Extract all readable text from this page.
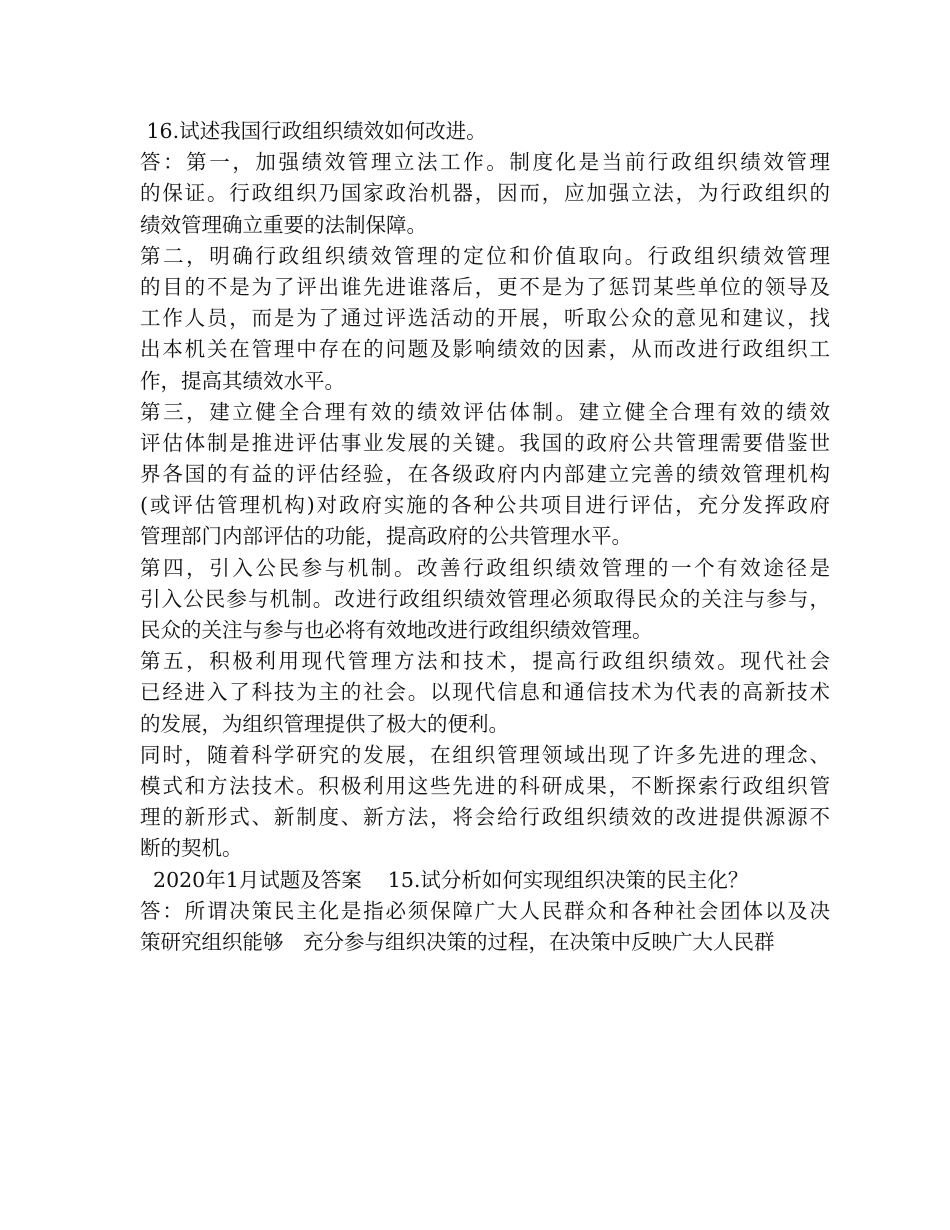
16.试述我国行政组织绩效如何改进。
答：第一，加强绩效管理立法工作。制度化是当前行政组织绩效管理
的保证。行政组织乃国家政治机器，因而，应加强立法，为行政组织的
绩效管理确立重要的法制保障。
第二，明确行政组织绩效管理的定位和价值取向。行政组织绩效管理
的目的不是为了评出谁先进谁落后，更不是为了惩罚某些单位的领导及
工作人员，而是为了通过评选活动的开展，听取公众的意见和建议，找
出本机关在管理中存在的问题及影响绩效的因素，从而改进行政组织工
作，提高其绩效水平。
第三，建立健全合理有效的绩效评估体制。建立健全合理有效的绩效
评估体制是推进评估事业发展的关键。我国的政府公共管理需要借鉴世
界各国的有益的评估经验，在各级政府内内部建立完善的绩效管理机构
(或评估管理机构)对政府实施的各种公共项目进行评估，充分发挥政府
管理部门内部评估的功能，提高政府的公共管理水平。
第四，引入公民参与机制。改善行政组织绩效管理的一个有效途径是
引入公民参与机制。改进行政组织绩效管理必须取得民众的关注与参与，
民众的关注与参与也必将有效地改进行政组织绩效管理。
第五，积极利用现代管理方法和技术，提高行政组织绩效。现代社会
已经进入了科技为主的社会。以现代信息和通信技术为代表的高新技术
的发展，为组织管理提供了极大的便利。
同时，随着科学研究的发展，在组织管理领域出现了许多先进的理念、
模式和方法技术。积极利用这些先进的科研成果，不断探索行政组织管
理的新形式、新制度、新方法，将会给行政组织绩效的改进提供源源不
断的契机。
2020年1月试题及答案    15.试分析如何实现组织决策的民主化？
答：所谓决策民主化是指必须保障广大人民群众和各种社会团体以及决
策研究组织能够   充分参与组织决策的过程，在决策中反映广大人民群
